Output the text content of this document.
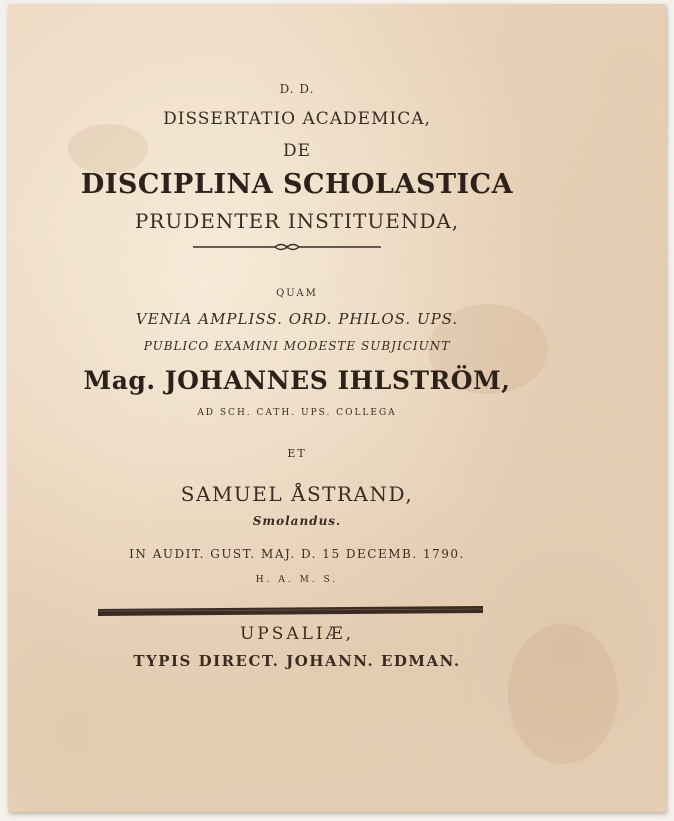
D. D.
DISSERTATIO ACADEMICA,
DE
DISCIPLINA SCHOLASTICA
PRUDENTER INSTITUENDA,
QUAM
VENIA AMPLISS. ORD. PHILOS. UPS.
PUBLICO EXAMINI MODESTE SUBJICIUNT
Mag. JOHANNES IHLSTRÖM,
AD SCH. CATH. UPS. COLLEGA
ET
SAMUEL ÅSTRAND,
Smolandus.
IN AUDIT. GUST. MAJ. D. 15 DECEMB. 1790.
H. A. M. S.
UPSALIÆ,
TYPIS DIRECT. JOHANN. EDMAN.
